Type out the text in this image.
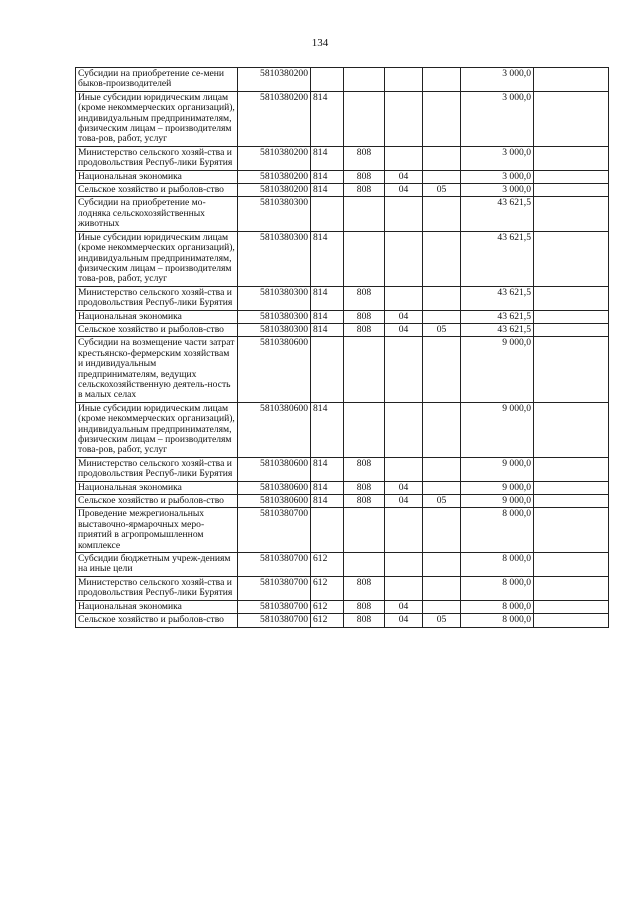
134
Субсидии на приобретение се-мени быков-производителей	5810380200					3 000,0	
Иные субсидии юридическим лицам (кроме некоммерческих организаций), индивидуальным предпринимателям, физическим лицам – производителям това-ров, работ, услуг	5810380200	814				3 000,0	
Министерство сельского хозяй-ства и продовольствия Респуб-лики Бурятия	5810380200	814	808			3 000,0	
Национальная экономика	5810380200	814	808	04		3 000,0	
Сельское хозяйство и рыболов-ство	5810380200	814	808	04	05	3 000,0	
Субсидии на приобретение мо-лодняка сельскохозяйственных животных	5810380300					43 621,5	
Иные субсидии юридическим лицам (кроме некоммерческих организаций), индивидуальным предпринимателям, физическим лицам – производителям това-ров, работ, услуг	5810380300	814				43 621,5	
Министерство сельского хозяй-ства и продовольствия Респуб-лики Бурятия	5810380300	814	808			43 621,5	
Национальная экономика	5810380300	814	808	04		43 621,5	
Сельское хозяйство и рыболов-ство	5810380300	814	808	04	05	43 621,5	
Субсидии на возмещение части затрат крестьянско-фермерским хозяйствам и индивидуальным предпринимателям, ведущих сельскохозяйственную деятель-ность в малых селах	5810380600					9 000,0	
Иные субсидии юридическим лицам (кроме некоммерческих организаций), индивидуальным предпринимателям, физическим лицам – производителям това-ров, работ, услуг	5810380600	814				9 000,0	
Министерство сельского хозяй-ства и продовольствия Респуб-лики Бурятия	5810380600	814	808			9 000,0	
Национальная экономика	5810380600	814	808	04		9 000,0	
Сельское хозяйство и рыболов-ство	5810380600	814	808	04	05	9 000,0	
Проведение межрегиональных выставочно-ярмарочных меро-приятий в агропромышленном комплексе	5810380700					8 000,0	
Субсидии бюджетным учреж-дениям на иные цели	5810380700	612				8 000,0	
Министерство сельского хозяй-ства и продовольствия Респуб-лики Бурятия	5810380700	612	808			8 000,0	
Национальная экономика	5810380700	612	808	04		8 000,0	
Сельское хозяйство и рыболов-ство	5810380700	612	808	04	05	8 000,0	
